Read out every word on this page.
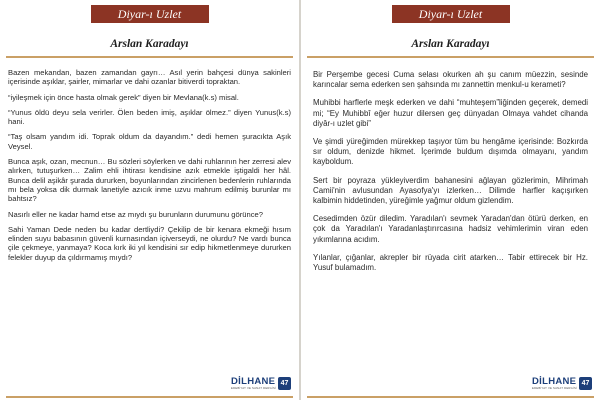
Diyar-ı Uzlet
Arslan Karadayı

Bazen mekandan, bazen zamandan gayrı… Asıl yerin bahçesi dünya sakinleri içerisinde aşıklar, şairler, mimarlar ve dahi ozanlar bitiverdi topraktan.

“iyileşmek için önce hasta olmak gerek” diyen bir Mevlana(k.s) misal.

“Yunus öldü deyu sela verirler. Ölen beden imiş, aşıklar ölmez.” diyen Yunus(k.s) hani.

“Taş olsam yandım idi. Toprak oldum da dayandım.” dedi hemen şuracıkta Aşık Veysel.

Bunca aşık, ozan, mecnun… Bu sözleri söylerken ve dahi ruhlarının her zerresi alev alırken, tutuşurken… Zalim ehli ihtirası kendisine azık etmekle iştigaldi her hâl. Bunca delil aşikâr şurada dururken, boyunlarından zincirlenen bedenlerin ruhlarında mı bela yoksa dik durmak lanetiyle azıcık inme uzvu mahrum edilmiş burunlar mı bahtsız?

Nasırlı eller ne kadar hamd etse az mıydı şu burunların durumunu görünce?

Sahi Yaman Dede neden bu kadar dertliydi? Çekilip de bir kenara ekmeği hısım elinden suyu babasının güvenli kurnasından içiverseydi, ne olurdu? Ne vardı bunca çile çekmeye, yanmaya? Koca kırk iki yıl kendisini sır edip hikmetlenmeye dururken felekler duyup da çıldırmamış mıydı?

DİLHANE
EDEBİYAT VE SANAT DERGİSİ
47
Diyar-ı Uzlet
Arslan Karadayı

Bir Perşembe gecesi Cuma selası okurken ah şu canım müezzin, sesinde karıncalar sema ederken sen şahsında mı zannettin menkul-u kerameti?

Muhibbi harflerle meşk ederken ve dahi “muhteşem”liğinden geçerek, demedi mi; “Ey Muhibbî eğer huzur dilersen geç dünyadan Olmaya vahdet cihanda diyâr-ı uzlet gibi”

Ve şimdi yüreğimden mürekkep taşıyor tüm bu hengâme içerisinde: Bozkırda sır oldum, denizde hikmet. İçerimde buldum dışımda olmayanı, yandım kayboldum.

Sert bir poyraza yükleyiverdim bahanesini ağlayan gözlerimin, Mihrimah Camii'nin avlusundan Ayasofya'yı izlerken… Dilimde harfler kaçışırken kalbimin hiddetinden, yüreğimle yağmur oldum gizlendim.

Cesedimden özür diledim. Yaradılan'ı sevmek Yaradan'dan ötürü derken, en çok da Yaradılan'ı Yaradanlaştırırcasına hadsiz vehimlerimin viran eden yıkımlarına acıdım.

Yılanlar, çığanlar, akrepler bir rüyada cirit atarken… Tabir ettirecek bir Hz. Yusuf bulamadım.

DİLHANE
EDEBİYAT VE SANAT DERGİSİ
47
